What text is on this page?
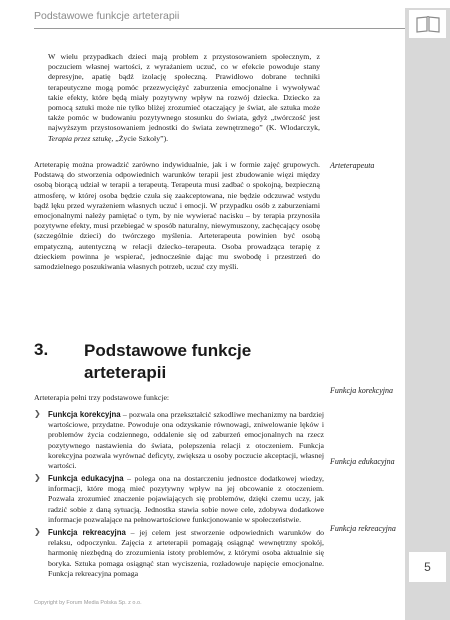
Podstawowe funkcje arteterapii
W wielu przypadkach dzieci mają problem z przystosowaniem społecznym, z poczuciem własnej wartości, z wyrażaniem uczuć, co w efekcie powoduje stany depresyjne, apatię bądź izolację społeczną. Prawidłowo dobrane techniki terapeutyczne mogą pomóc przezwyciężyć zaburzenia emocjonalne i wywoływać takie efekty, które będą miały pozytywny wpływ na rozwój dziecka. Dziecko za pomocą sztuki może nie tylko bliżej zrozumieć otaczający je świat, ale sztuka może także pomóc w budowaniu pozytywnego stosunku do świata, gdyż „twórczość jest najwyższym przystosowaniem jednostki do świata zewnętrznego” (K. Wlodarczyk, Terapia przez sztukę, „Życie Szkoły”).
Arteterapię można prowadzić zarówno indywidualnie, jak i w formie zajęć grupowych. Podstawą do stworzenia odpowiednich warunków terapii jest zbudowanie więzi między osobą biorącą udział w terapii a terapeutą. Terapeuta musi zadbać o spokojną, bezpieczną atmosferę, w której osoba będzie czuła się zaakceptowana, nie będzie odczuwać wstydu bądź lęku przed wyrażeniem własnych uczuć i emocji. W przypadku osób z zaburzeniami emocjonalnymi należy pamiętać o tym, by nie wywierać nacisku – by terapia przynosiła pozytywne efekty, musi przebiegać w sposób naturalny, niewymuszony, zachęcający osobę (szczególnie dzieci) do twórczego myślenia. Arteterapeuta powinien być osobą empatyczną, autentyczną w relacji dziecko–terapeuta. Osoba prowadząca terapię z dzieckiem powinna je wspierać, jednocześnie dając mu swobodę i przestrzeń do samodzielnego poszukiwania własnych potrzeb, uczuć czy myśli.
Arteterapeuta
3. Podstawowe funkcje arteterapii
Arteterapia pełni trzy podstawowe funkcje:
❯ Funkcja korekcyjna – pozwala ona przekształcić szkodliwe mechanizmy na bardziej wartościowe, przydatne. Powoduje ona odzyskanie równowagi, zniwelowanie lęków i problemów życia codziennego, oddalenie się od zaburzeń emocjonalnych na rzecz pozytywnego nastawienia do świata, polepszenia relacji z otoczeniem. Funkcja korekcyjna pozwala wyrównać deficyty, zwiększa u osoby poczucie akceptacji, własnej wartości.
Funkcja korekcyjna
❯ Funkcja edukacyjna – polega ona na dostarczeniu jednostce dodatkowej wiedzy, informacji, które mogą mieć pozytywny wpływ na jej obcowanie z otoczeniem. Pozwala zrozumieć znaczenie pojawiających się problemów, dzięki czemu uczy, jak radzić sobie z daną sytuacją. Jednostka stawia sobie nowe cele, zdobywa dodatkowe informacje pozwalające na pełnowartościowe funkcjonowanie w społeczeństwie.
Funkcja edukacyjna
❯ Funkcja rekreacyjna – jej celem jest stworzenie odpowiednich warunków do relaksu, odpoczynku. Zajęcia z arteterapii pomagają osiągnąć wewnętrzny spokój, harmonię niezbędną do zrozumienia istoty problemów, z którymi osoba aktualnie się boryka. Sztuka pomaga osiągnąć stan wyciszenia, rozładowuje napięcie emocjonalne. Funkcja rekreacyjna pomaga
Funkcja rekreacyjna
5
Copyright by Forum Media Polska Sp. z o.o.
